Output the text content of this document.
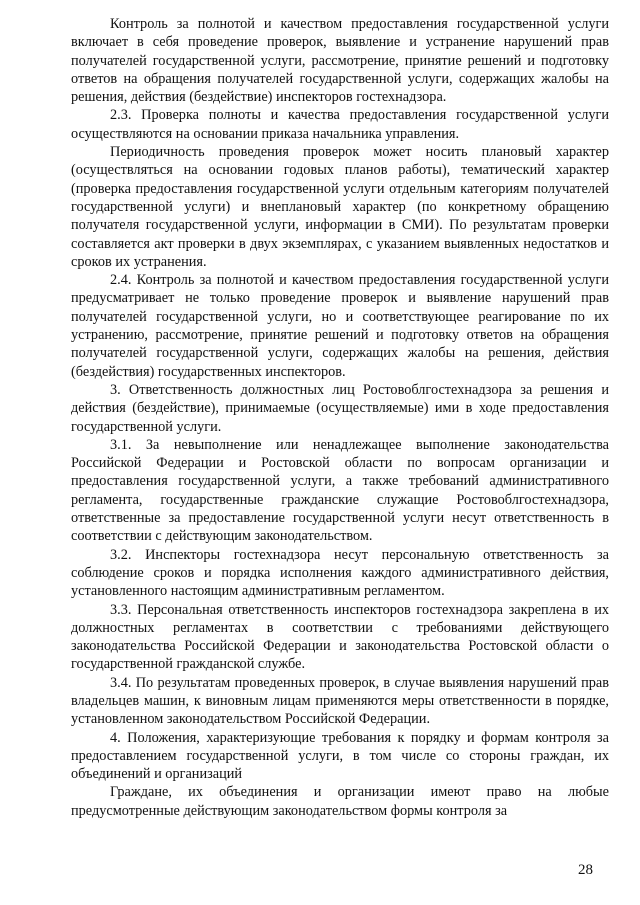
Контроль за полнотой и качеством предоставления государственной услуги включает в себя проведение проверок, выявление и устранение нарушений прав получателей государственной услуги, рассмотрение, принятие решений и подготовку ответов на обращения получателей государственной услуги, содержащих жалобы на решения, действия (бездействие) инспекторов гостехнадзора.

2.3. Проверка полноты и качества предоставления государственной услуги осуществляются на основании приказа начальника управления.

Периодичность проведения проверок может носить плановый характер (осуществляться на основании годовых планов работы), тематический характер (проверка предоставления государственной услуги отдельным категориям получателей государственной услуги) и внеплановый характер (по конкретному обращению получателя государственной услуги, информации в СМИ). По результатам проверки составляется акт проверки в двух экземплярах, с указанием выявленных недостатков и сроков их устранения.

2.4. Контроль за полнотой и качеством предоставления государственной услуги предусматривает не только проведение проверок и выявление нарушений прав получателей государственной услуги, но и соответствующее реагирование по их устранению, рассмотрение, принятие решений и подготовку ответов на обращения получателей государственной услуги, содержащих жалобы на решения, действия (бездействия) государственных инспекторов.

3. Ответственность должностных лиц Ростовоблгостехнадзора за решения и действия (бездействие), принимаемые (осуществляемые) ими в ходе предоставления государственной услуги.

3.1. За невыполнение или ненадлежащее выполнение законодательства Российской Федерации и Ростовской области по вопросам организации и предоставления государственной услуги, а также требований административного регламента, государственные гражданские служащие Ростовоблгостехнадзора, ответственные за предоставление государственной услуги несут ответственность в соответствии с действующим законодательством.

3.2. Инспекторы гостехнадзора несут персональную ответственность за соблюдение сроков и порядка исполнения каждого административного действия, установленного настоящим административным регламентом.

3.3. Персональная ответственность инспекторов гостехнадзора закреплена в их должностных регламентах в соответствии с требованиями действующего законодательства Российской Федерации и законодательства Ростовской области о государственной гражданской службе.

3.4. По результатам проведенных проверок, в случае выявления нарушений прав владельцев машин, к виновным лицам применяются меры ответственности в порядке, установленном законодательством Российской Федерации.

4. Положения, характеризующие требования к порядку и формам контроля за предоставлением государственной услуги, в том числе со стороны граждан, их объединений и организаций

Граждане, их объединения и организации имеют право на любые предусмотренные действующим законодательством формы контроля за

28
